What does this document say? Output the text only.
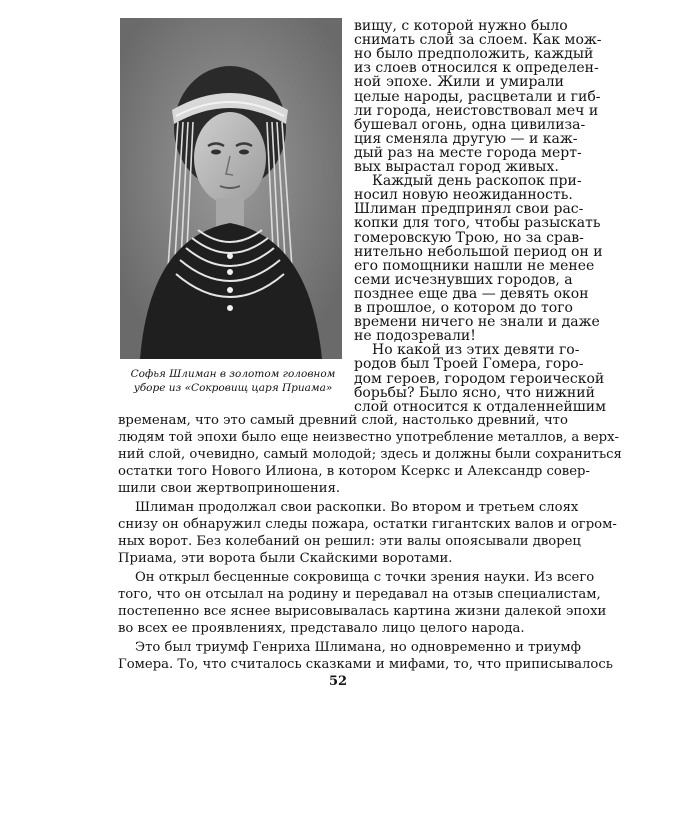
Софья Шлиман в золотом головном
уборе из «Сокровищ царя Приама»
вищу, с которой нужно было
снимать слой за слоем. Как мож-
но было предположить, каждый
из слоев относился к определен-
ной эпохе. Жили и умирали
целые народы, расцветали и гиб-
ли города, неистовствовал меч и
бушевал огонь, одна цивилиза-
ция сменяла другую — и каж-
дый раз на месте города мерт-
вых вырастал город живых.
Каждый день раскопок при-
носил новую неожиданность.
Шлиман предпринял свои рас-
копки для того, чтобы разыскать
гомеровскую Трою, но за срав-
нительно небольшой период он и
его помощники нашли не менее
семи исчезнувших городов, а
позднее еще два — девять окон
в прошлое, о котором до того
времени ничего не знали и даже
не подозревали!
Но какой из этих девяти го-
родов был Троей Гомера, горо-
дом героев, городом героической
борьбы? Было ясно, что нижний
слой относится к отдаленнейшим
временам, что это самый древний слой, настолько древний, что
людям той эпохи было еще неизвестно употребление металлов, а верх-
ний слой, очевидно, самый молодой; здесь и должны были сохраниться
остатки того Нового Илиона, в котором Ксеркс и Александр совер-
шили свои жертвоприношения.
Шлиман продолжал свои раскопки. Во втором и третьем слоях
снизу он обнаружил следы пожара, остатки гигантских валов и огром-
ных ворот. Без колебаний он решил: эти валы опоясывали дворец
Приама, эти ворота были Скайскими воротами.
Он открыл бесценные сокровища с точки зрения науки. Из всего
того, что он отсылал на родину и передавал на отзыв специалистам,
постепенно все яснее вырисовывалась картина жизни далекой эпохи
во всех ее проявлениях, представало лицо целого народа.
Это был триумф Генриха Шлимана, но одновременно и триумф
Гомера. То, что считалось сказками и мифами, то, что приписывалось
52
